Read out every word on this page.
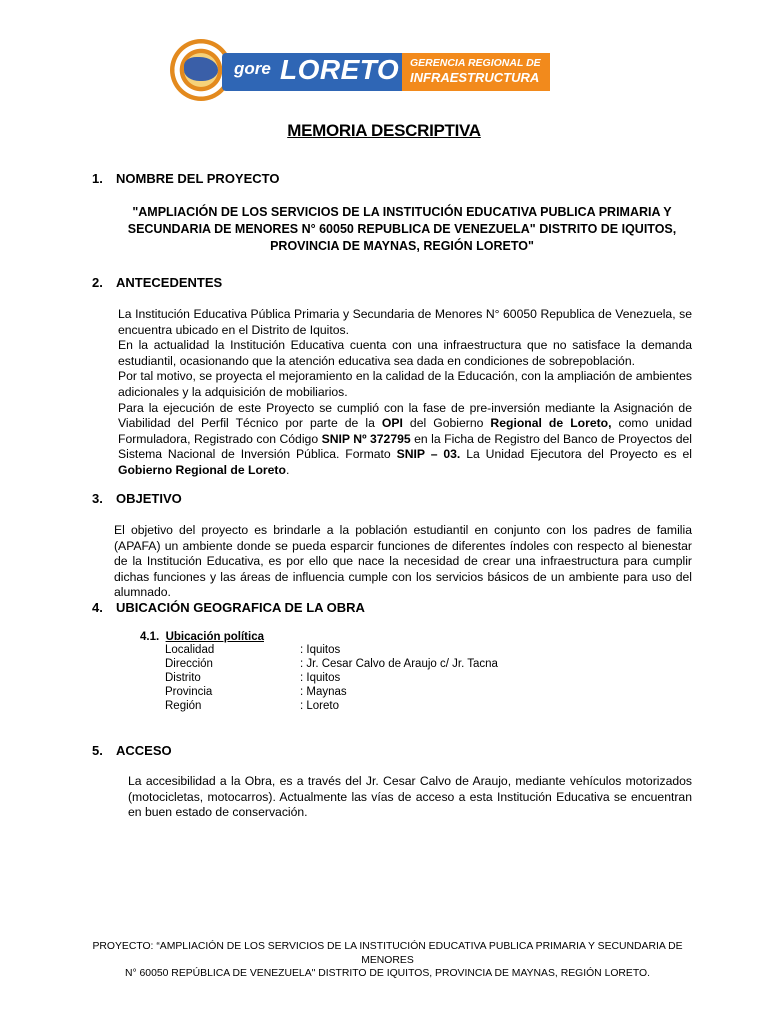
gore LORETO GERENCIA REGIONAL DE
INFRAESTRUCTURA
MEMORIA DESCRIPTIVA
1. NOMBRE DEL PROYECTO
"AMPLIACIÓN DE LOS SERVICIOS DE LA INSTITUCIÓN EDUCATIVA PUBLICA PRIMARIA Y SECUNDARIA DE MENORES N° 60050 REPUBLICA DE VENEZUELA" DISTRITO DE IQUITOS, PROVINCIA DE MAYNAS, REGIÓN LORETO"
2. ANTECEDENTES
La Institución Educativa Pública Primaria y Secundaria de Menores N° 60050 Republica de Venezuela, se encuentra ubicado en el Distrito de Iquitos.
En la actualidad la Institución Educativa cuenta con una infraestructura que no satisface la demanda estudiantil, ocasionando que la atención educativa sea dada en condiciones de sobrepoblación.
Por tal motivo, se proyecta el mejoramiento en la calidad de la Educación, con la ampliación de ambientes adicionales y la adquisición de mobiliarios.
Para la ejecución de este Proyecto se cumplió con la fase de pre-inversión mediante la Asignación de Viabilidad del Perfil Técnico por parte de la OPI del Gobierno Regional de Loreto, como unidad Formuladora, Registrado con Código SNIP Nº 372795 en la Ficha de Registro del Banco de Proyectos del Sistema Nacional de Inversión Pública. Formato SNIP – 03. La Unidad Ejecutora del Proyecto es el Gobierno Regional de Loreto.
3. OBJETIVO
El objetivo del proyecto es brindarle a la población estudiantil en conjunto con los padres de familia (APAFA) un ambiente donde se pueda esparcir funciones de diferentes índoles con respecto al bienestar de la Institución Educativa, es por ello que nace la necesidad de crear una infraestructura para cumplir dichas funciones y las áreas de influencia cumple con los servicios básicos de un ambiente para uso del alumnado.
4. UBICACIÓN GEOGRAFICA DE LA OBRA
4.1. Ubicación política
Localidad	: Iquitos
Dirección	: Jr. Cesar Calvo de Araujo c/ Jr. Tacna
Distrito	: Iquitos
Provincia	: Maynas
Región	: Loreto
5. ACCESO
La accesibilidad a la Obra, es a través del Jr. Cesar Calvo de Araujo, mediante vehículos motorizados (motocicletas, motocarros). Actualmente las vías de acceso a esta Institución Educativa se encuentran en buen estado de conservación.
PROYECTO: “AMPLIACIÓN DE LOS SERVICIOS DE LA INSTITUCIÓN EDUCATIVA PUBLICA PRIMARIA Y SECUNDARIA DE MENORES
N° 60050 REPÚBLICA DE VENEZUELA" DISTRITO DE IQUITOS, PROVINCIA DE MAYNAS, REGIÓN LORETO.
